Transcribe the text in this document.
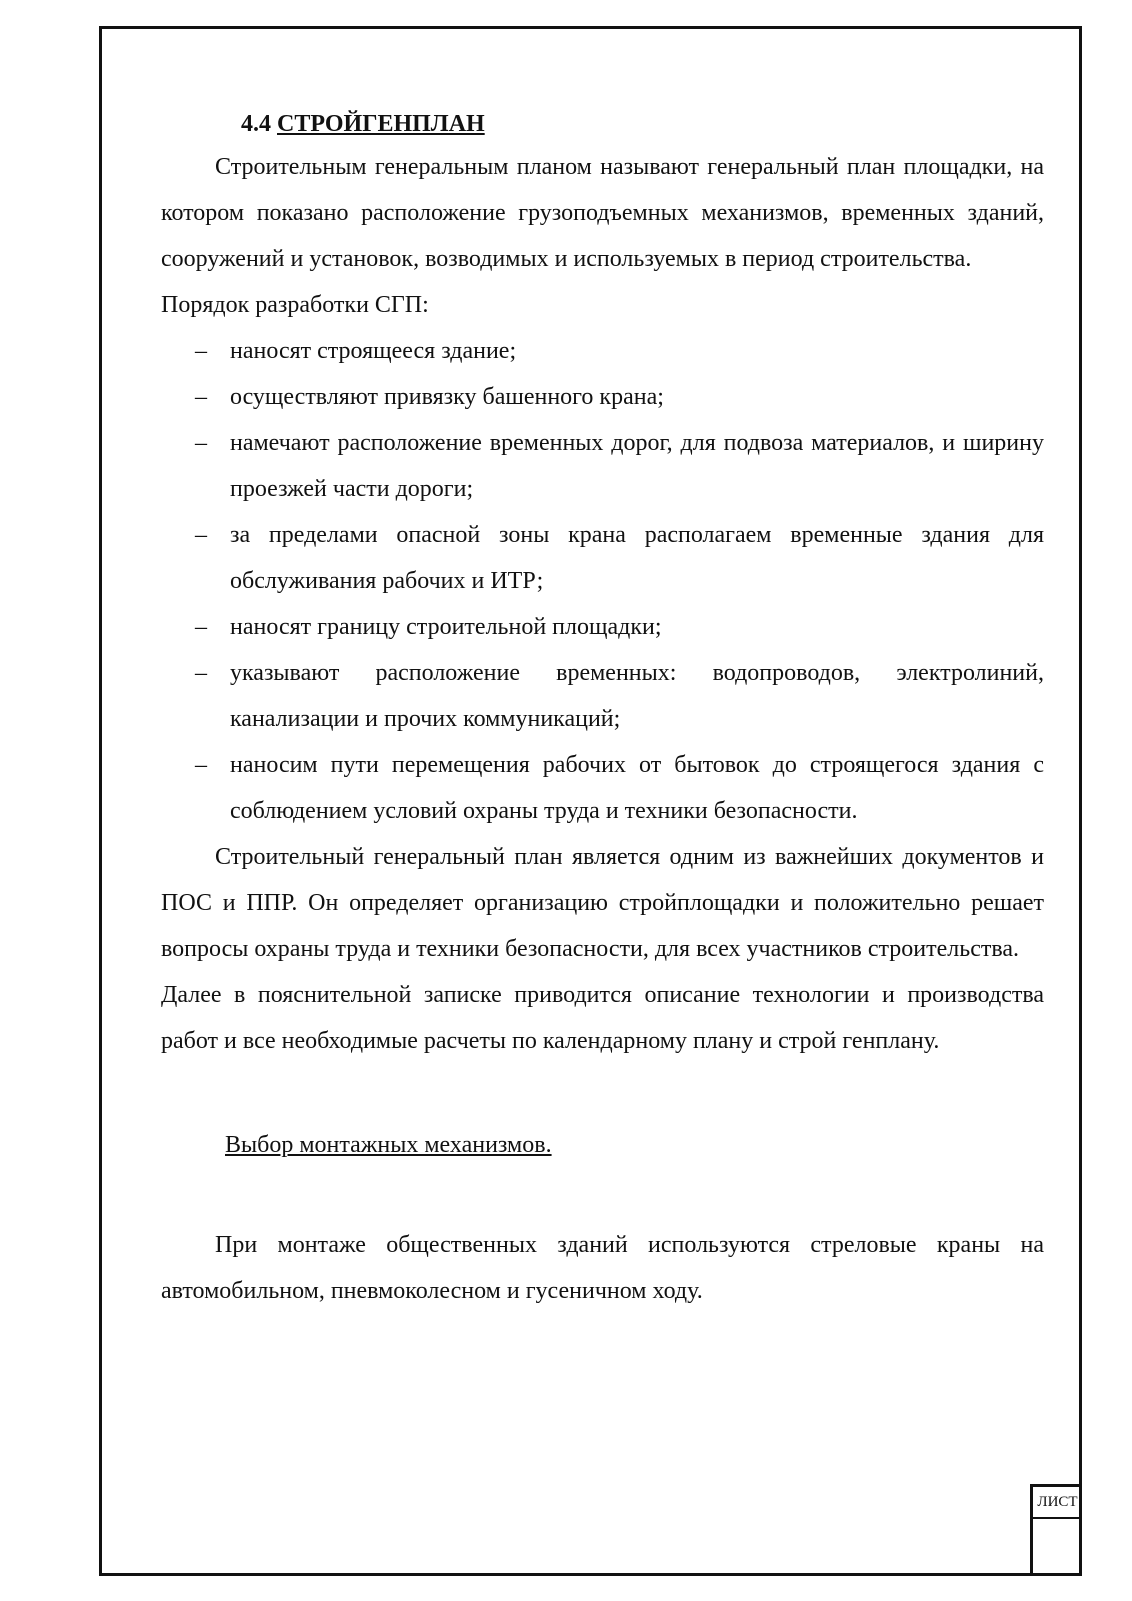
4.4 СТРОЙГЕНПЛАН

Строительным генеральным планом называют генеральный план площадки, на котором показано расположение грузоподъемных механизмов, временных зданий, сооружений и установок, возводимых и используемых в период строительства.

Порядок разработки СГП:

– наносят строящееся здание;
– осуществляют привязку башенного крана;
– намечают расположение временных дорог, для подвоза материалов, и ширину проезжей части дороги;
– за пределами опасной зоны крана располагаем временные здания для обслуживания рабочих и ИТР;
– наносят границу строительной площадки;
– указывают расположение временных: водопроводов, электролиний, канализации и прочих коммуникаций;
– наносим пути перемещения рабочих от бытовок до строящегося здания с соблюдением условий охраны труда и техники безопасности.

Строительный генеральный план является одним из важнейших документов и ПОС и ППР. Он определяет организацию стройплощадки и положительно решает вопросы охраны труда и техники безопасности, для всех участников строительства.

Далее в пояснительной записке приводится описание технологии и производства работ и все необходимые расчеты по календарному плану и строй генплану.

Выбор монтажных механизмов.

При монтаже общественных зданий используются стреловые краны на автомобильном, пневмоколесном и гусеничном ходу.

ЛИСТ
